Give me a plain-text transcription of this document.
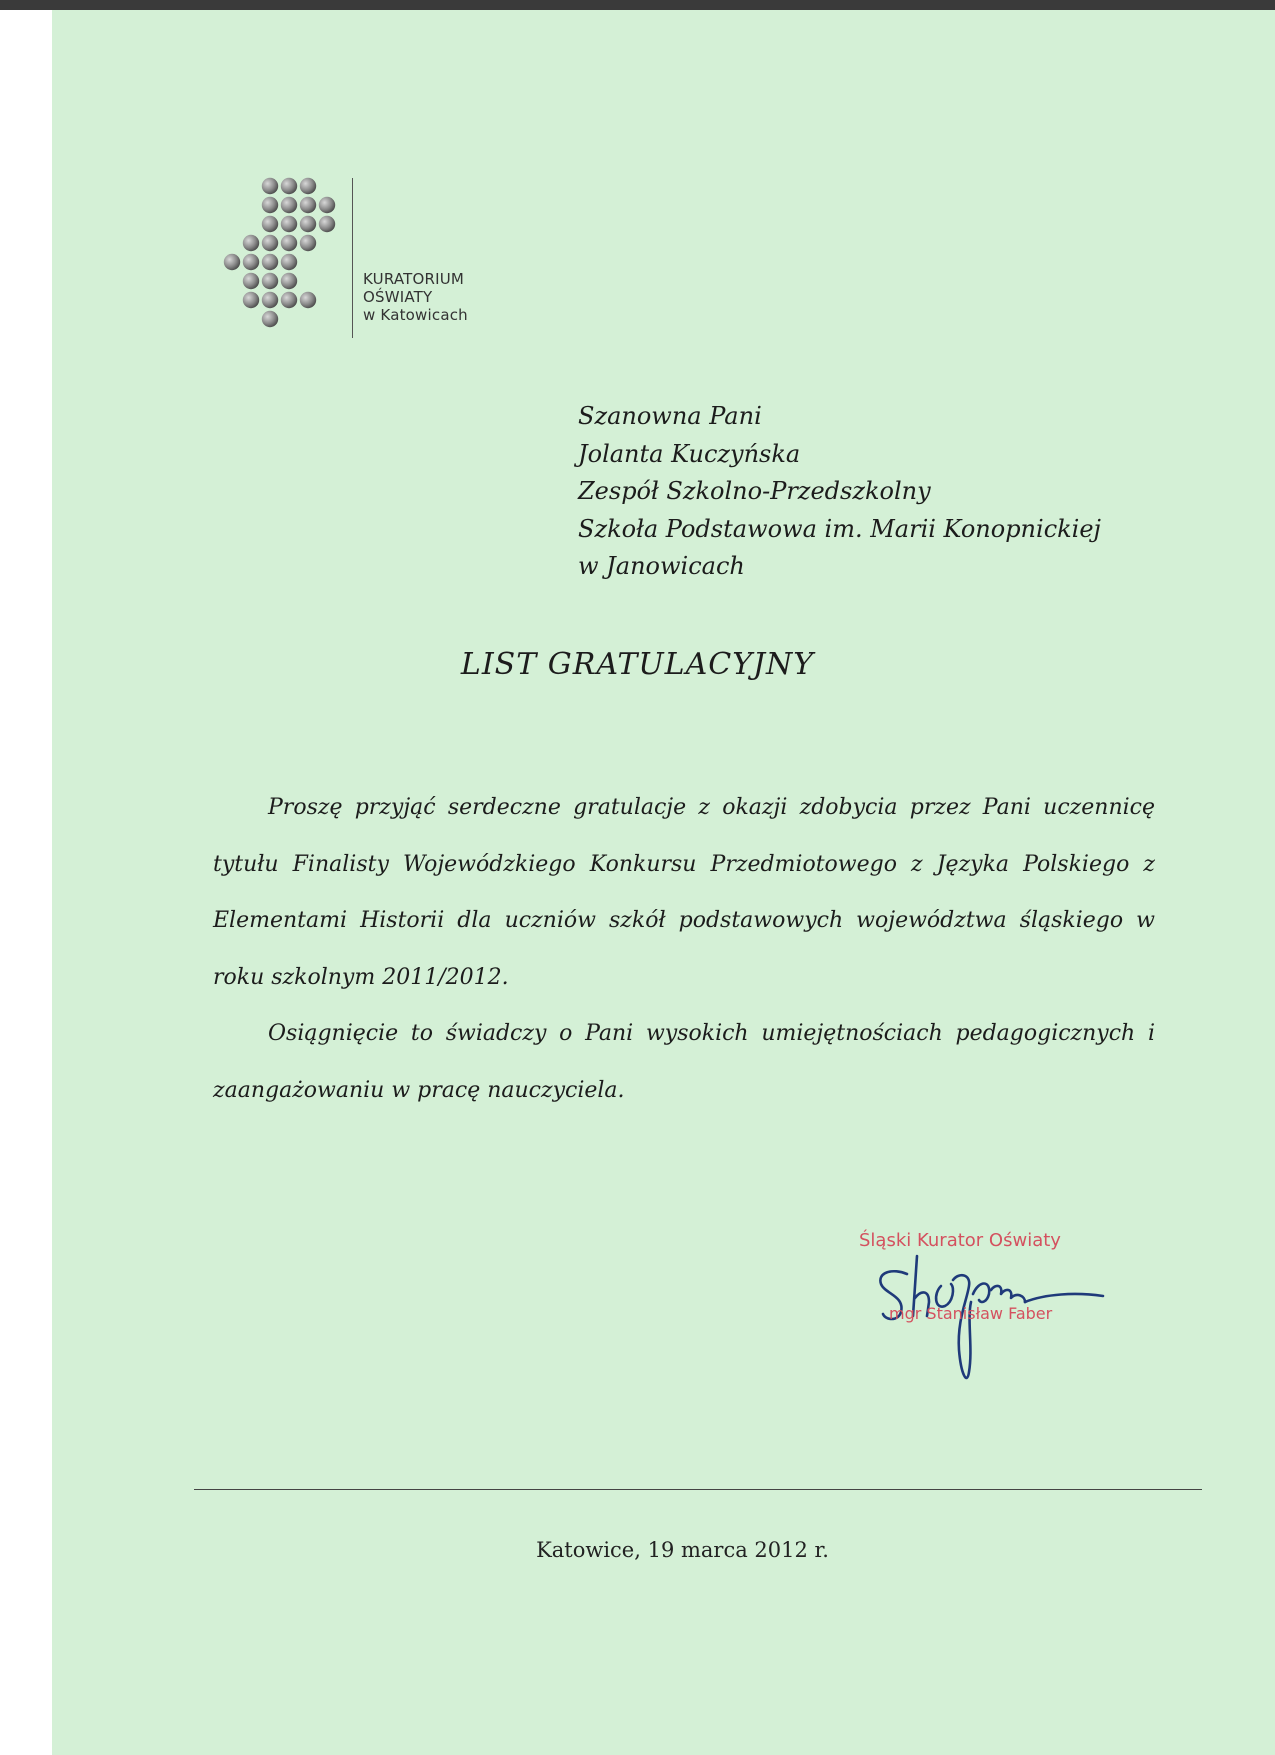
KURATORIUM
OŚWIATY
w Katowicach
Szanowna Pani
Jolanta Kuczyńska
Zespół Szkolno-Przedszkolny
Szkoła Podstawowa im. Marii Konopnickiej
w Janowicach
LIST GRATULACYJNY

Proszę przyjąć serdeczne gratulacje z okazji zdobycia przez Pani uczennicę tytułu Finalisty Wojewódzkiego Konkursu Przedmiotowego z Języka Polskiego z Elementami Historii dla uczniów szkół podstawowych województwa śląskiego w roku szkolnym 2011/2012.

Osiągnięcie to świadczy o Pani wysokich umiejętnościach pedagogicznych i zaangażowaniu w pracę nauczyciela.

Śląski Kurator Oświaty
mgr Stanisław Faber
Katowice, 19 marca 2012 r.
